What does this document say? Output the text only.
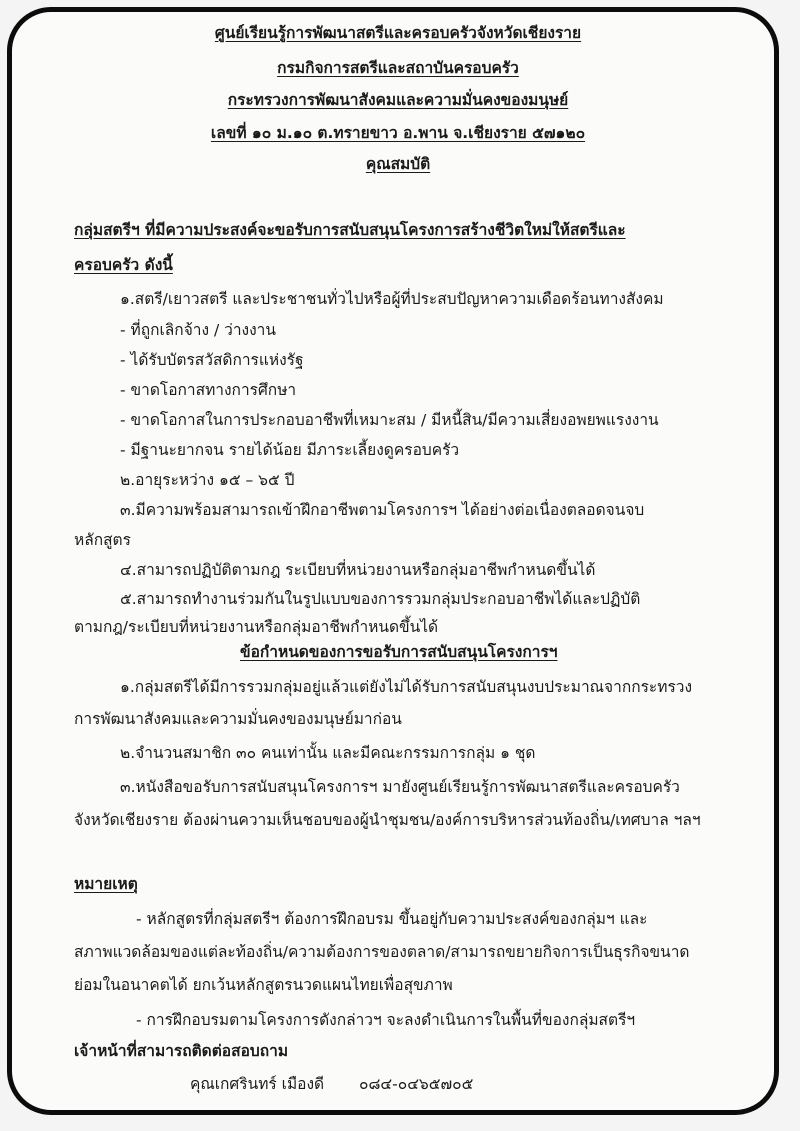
ศูนย์เรียนรู้การพัฒนาสตรีและครอบครัวจังหวัดเชียงราย
กรมกิจการสตรีและสถาบันครอบครัว
กระทรวงการพัฒนาสังคมและความมั่นคงของมนุษย์
เลขที่ ๑๐ ม.๑๐ ต.ทรายขาว อ.พาน จ.เชียงราย ๕๗๑๒๐
คุณสมบัติ
กลุ่มสตรีฯ ที่มีความประสงค์จะขอรับการสนับสนุนโครงการสร้างชีวิตใหม่ให้สตรีและ
ครอบครัว ดังนี้
๑.สตรี/เยาวสตรี และประชาชนทั่วไปหรือผู้ที่ประสบปัญหาความเดือดร้อนทางสังคม
- ที่ถูกเลิกจ้าง / ว่างงาน
- ได้รับบัตรสวัสดิการแห่งรัฐ
- ขาดโอกาสทางการศึกษา
- ขาดโอกาสในการประกอบอาชีพที่เหมาะสม / มีหนี้สิน/มีความเสี่ยงอพยพแรงงาน
- มีฐานะยากจน รายได้น้อย มีภาระเลี้ยงดูครอบครัว
๒.อายุระหว่าง ๑๕ – ๖๕ ปี
๓.มีความพร้อมสามารถเข้าฝึกอาชีพตามโครงการฯ ได้อย่างต่อเนื่องตลอดจนจบ
หลักสูตร
๔.สามารถปฏิบัติตามกฎ ระเบียบที่หน่วยงานหรือกลุ่มอาชีพกำหนดขึ้นได้
๕.สามารถทำงานร่วมกันในรูปแบบของการรวมกลุ่มประกอบอาชีพได้และปฏิบัติ
ตามกฎ/ระเบียบที่หน่วยงานหรือกลุ่มอาชีพกำหนดขึ้นได้
ข้อกำหนดของการขอรับการสนับสนุนโครงการฯ
๑.กลุ่มสตรีได้มีการรวมกลุ่มอยู่แล้วแต่ยังไม่ได้รับการสนับสนุนงบประมาณจากกระทรวง
การพัฒนาสังคมและความมั่นคงของมนุษย์มาก่อน
๒.จำนวนสมาชิก ๓๐ คนเท่านั้น และมีคณะกรรมการกลุ่ม ๑ ชุด
๓.หนังสือขอรับการสนับสนุนโครงการฯ มายังศูนย์เรียนรู้การพัฒนาสตรีและครอบครัว
จังหวัดเชียงราย ต้องผ่านความเห็นชอบของผู้นำชุมชน/องค์การบริหารส่วนท้องถิ่น/เทศบาล ฯลฯ
หมายเหตุ
- หลักสูตรที่กลุ่มสตรีฯ ต้องการฝึกอบรม ขึ้นอยู่กับความประสงค์ของกลุ่มฯ และ
สภาพแวดล้อมของแต่ละท้องถิ่น/ความต้องการของตลาด/สามารถขยายกิจการเป็นธุรกิจขนาด
ย่อมในอนาคตได้ ยกเว้นหลักสูตรนวดแผนไทยเพื่อสุขภาพ
- การฝึกอบรมตามโครงการดังกล่าวฯ จะลงดำเนินการในพื้นที่ของกลุ่มสตรีฯ
เจ้าหน้าที่สามารถติดต่อสอบถาม
คุณเกศรินทร์ เมืองดี ๐๘๔-๐๔๖๕๗๐๕
